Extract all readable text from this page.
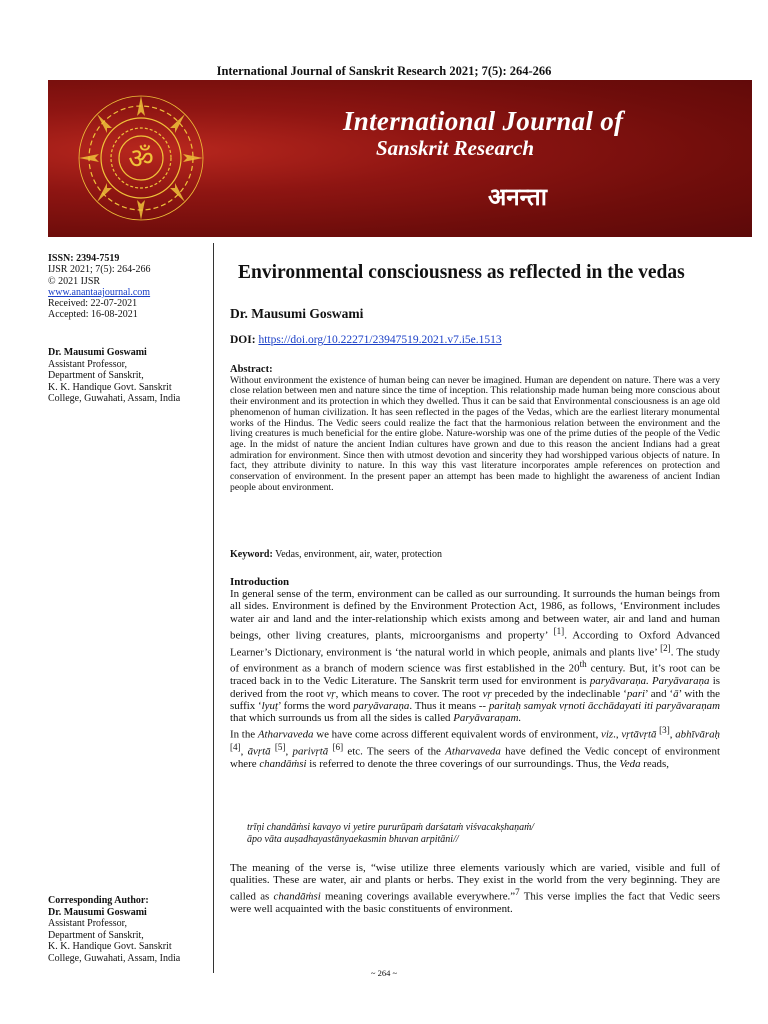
International Journal of Sanskrit Research 2021; 7(5): 264-266
ॐ
International Journal of
Sanskrit Research
अनन्ता
ISSN: 2394-7519
IJSR 2021; 7(5): 264-266
© 2021 IJSR
www.anantaajournal.com
Received: 22-07-2021
Accepted: 16-08-2021
Dr. Mausumi Goswami
Assistant Professor,
Department of Sanskrit,
K. K. Handique Govt. Sanskrit
College, Guwahati, Assam, India
Corresponding Author:
Dr. Mausumi Goswami
Assistant Professor,
Department of Sanskrit,
K. K. Handique Govt. Sanskrit
College, Guwahati, Assam, India
Environmental consciousness as reflected in the vedas
Dr. Mausumi Goswami
DOI: https://doi.org/10.22271/23947519.2021.v7.i5e.1513
Abstract:
Without environment the existence of human being can never be imagined. Human are dependent on nature. There was a very close relation between men and nature since the time of inception. This relationship made human being more conscious about their environment and its protection in which they dwelled. Thus it can be said that Environmental consciousness is an age old phenomenon of human civilization. It has seen reflected in the pages of the Vedas, which are the earliest literary monumental works of the Hindus. The Vedic seers could realize the fact that the harmonious relation between the environment and the living creatures is much beneficial for the entire globe. Nature-worship was one of the prime duties of the people of the Vedic age. In the midst of nature the ancient Indian cultures have grown and due to this reason the ancient Indians had a great admiration for environment. Since then with utmost devotion and sincerity they had worshipped various objects of nature. In fact, they attribute divinity to nature. In this way this vast literature incorporates ample references on protection and conservation of environment. In the present paper an attempt has been made to highlight the awareness of ancient Indian people about environment.
Keyword: Vedas, environment, air, water, protection
Introduction
In general sense of the term, environment can be called as our surrounding. It surrounds the human beings from all sides. Environment is defined by the Environment Protection Act, 1986, as follows, ‘Environment includes water air and land and the inter-relationship which exists among and between water, air and land and human beings, other living creatures, plants, microorganisms and property’ [1]. According to Oxford Advanced Learner’s Dictionary, environment is ‘the natural world in which people, animals and plants live’ [2]. The study of environment as a branch of modern science was first established in the 20th century. But, it’s root can be traced back in to the Vedic Literature. The Sanskrit term used for environment is paryāvaraṇa. Paryāvaraṇa is derived from the root vṛ, which means to cover. The root vṛ preceded by the indeclinable ‘pari’ and ‘ā’ with the suffix ‘lyuṭ’ forms the word paryāvaraṇa. Thus it means -- paritaḥ samyak vṛnoti ācchādayati iti paryāvaraṇam that which surrounds us from all the sides is called Paryāvaraṇam.
In the Atharvaveda we have come across different equivalent words of environment, viz., vṛtāvṛtā [3], abhīvāraḥ [4], āvṛtā [5], parivṛtā [6] etc. The seers of the Atharvaveda have defined the Vedic concept of environment where chandāṁsi is referred to denote the three coverings of our surroundings. Thus, the Veda reads,
trīṇi chandāṁsi kavayo vi yetire pururūpaṁ darśataṁ viśvacakṣhaṇaṁ/
āpo vāta auṣadhayastānyaekasmin bhuvan arpitāni//
The meaning of the verse is, “wise utilize three elements variously which are varied, visible and full of qualities. These are water, air and plants or herbs. They exist in the world from the very beginning. They are called as chandāṁsi meaning coverings available everywhere.”$^7$ This verse implies the fact that Vedic seers were well acquainted with the basic constituents of environment.
~ 264 ~
